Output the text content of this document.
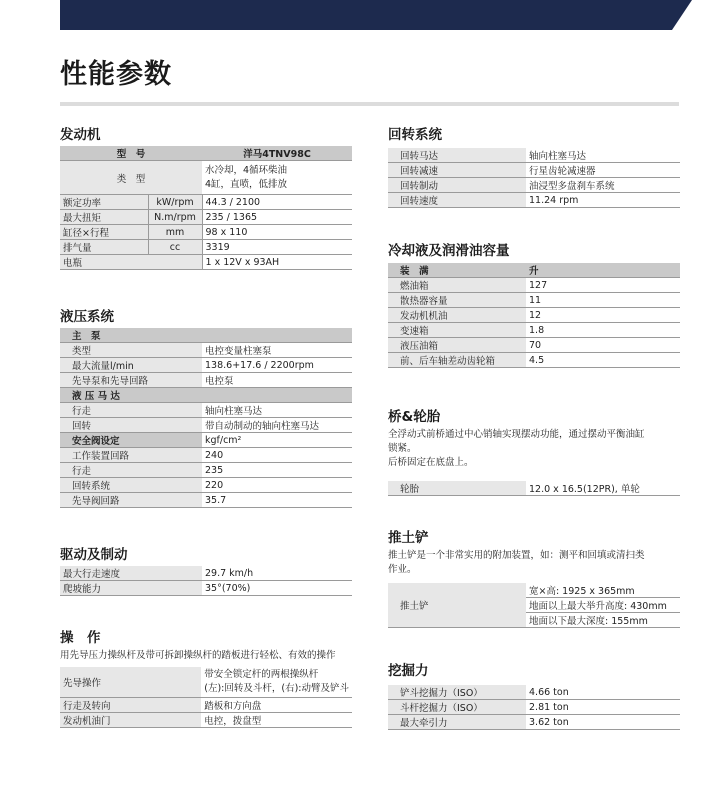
性能参数
发动机
型　号		洋马4TNV98C
类　型		水冷却，4循环柴油
4缸，直喷，低排放

额定功率	kW/rpm	44.3 / 2100
最大扭矩	N.m/rpm	235 / 1365
缸径×行程	mm	98 x 110
排气量	cc	3319
电瓶		1 x 12V x 93AH
液压系统
主　泵	
类型	电控变量柱塞泵
最大流量l/min	138.6+17.6 / 2200rpm
先导泵和先导回路	电控泵
液 压 马 达	
行走	轴向柱塞马达
回转	带自动制动的轴向柱塞马达
安全阀设定	kgf/cm²
工作装置回路	240
行走	235
回转系统	220
先导阀回路	35.7
驱动及制动
最大行走速度	29.7 km/h
爬坡能力	35°(70%)
操　作
用先导压力操纵杆及带可拆卸操纵杆的踏板进行轻松、有效的操作
先导操作	带安全锁定杆的两根操纵杆
(左):回转及斗杆，(右):动臂及铲斗

行走及转向	踏板和方向盘
发动机油门	电控，拨盘型
回转系统
回转马达	轴向柱塞马达
回转减速	行星齿轮减速器
回转制动	油浸型多盘刹车系统
回转速度	11.24 rpm
冷却液及润滑油容量
装　满	升
燃油箱	127
散热器容量	11
发动机机油	12
变速箱	1.8
液压油箱	70
前、后车轴差动齿轮箱	4.5
桥&轮胎
全浮动式前桥通过中心销轴实现摆动功能，通过摆动平衡油缸
锁紧。
后桥固定在底盘上。
轮胎	12.0 x 16.5(12PR), 单轮
推土铲
推土铲是一个非常实用的附加装置，如：测平和回填或清扫类
作业。
推土铲	宽×高: 1925 x 365mm
地面以上最大举升高度: 430mm
地面以下最大深度: 155mm
挖掘力
铲斗挖掘力（ISO）	4.66 ton
斗杆挖掘力（ISO）	2.81 ton
最大牵引力	3.62 ton
